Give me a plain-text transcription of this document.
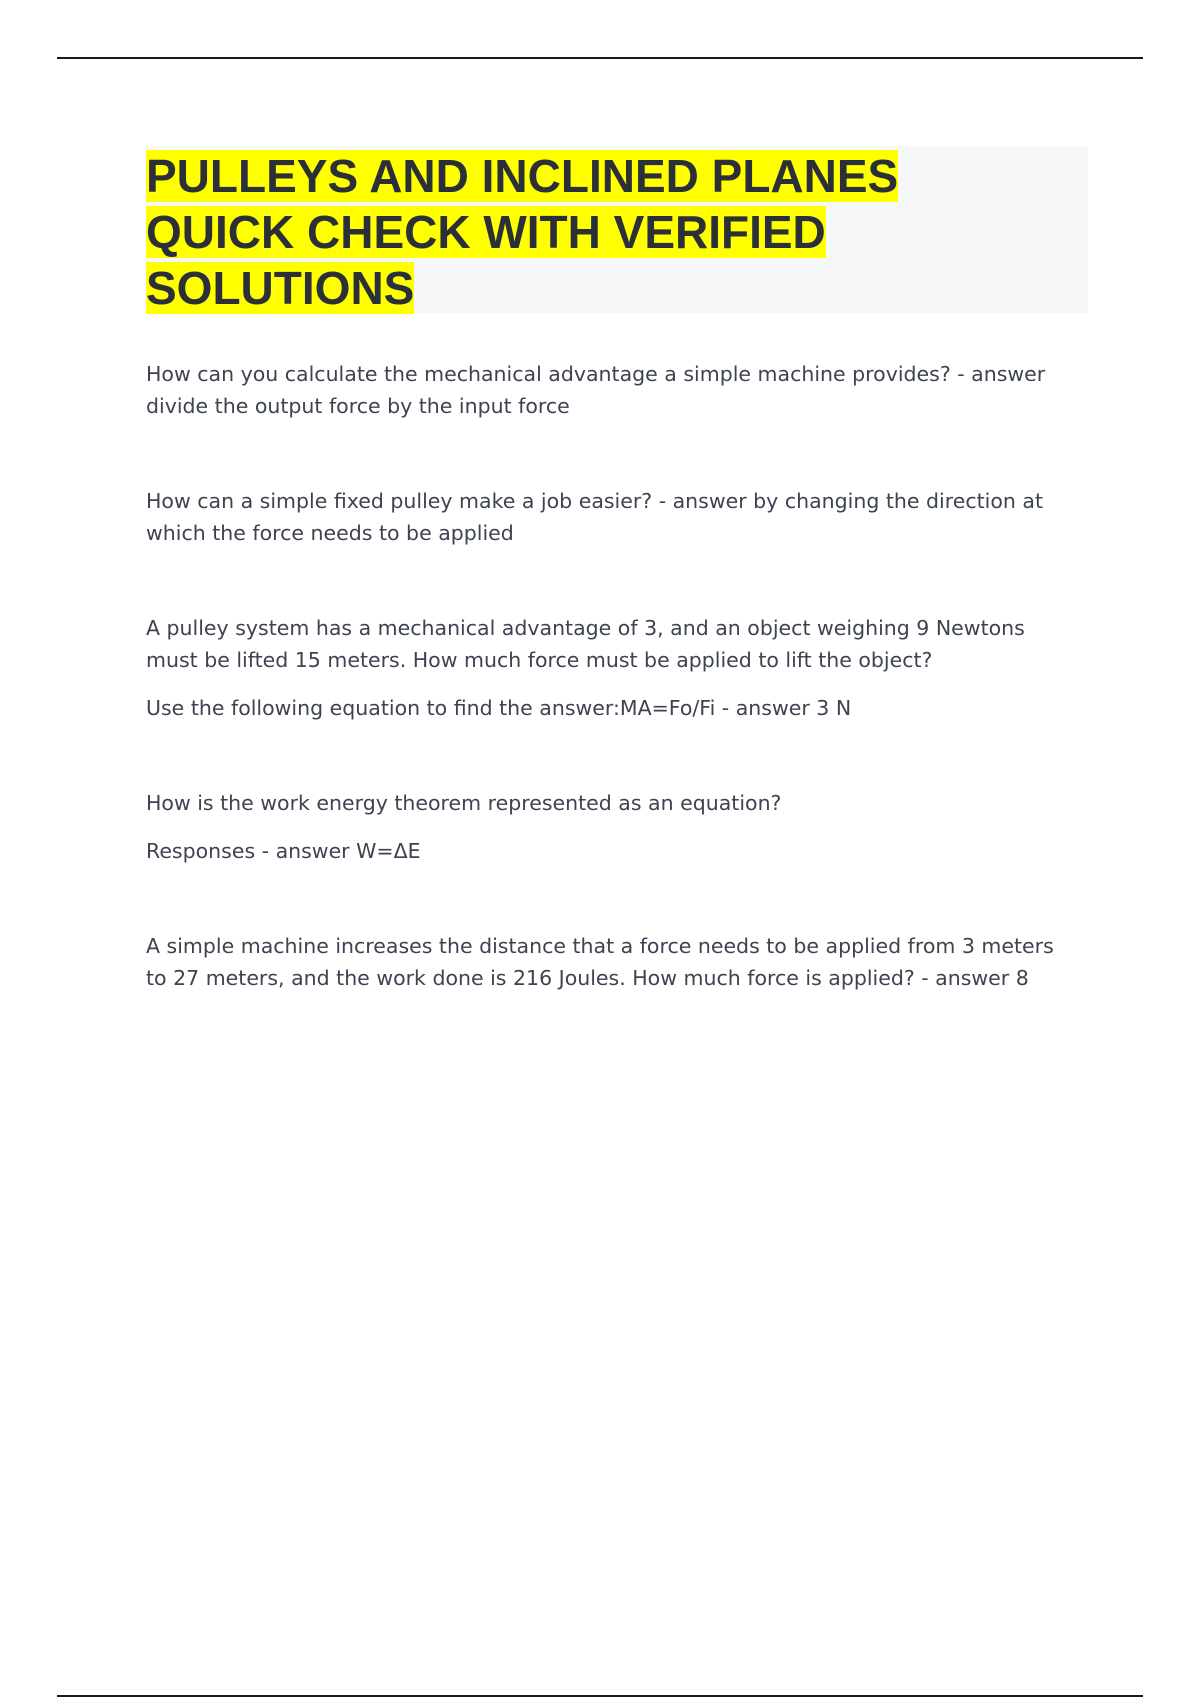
PULLEYS AND INCLINED PLANES QUICK CHECK WITH VERIFIED SOLUTIONS

How can you calculate the mechanical advantage a simple machine provides? - answer divide the output force by the input force

How can a simple fixed pulley make a job easier? - answer by changing the direction at which the force needs to be applied

A pulley system has a mechanical advantage of 3, and an object weighing 9 Newtons must be lifted 15 meters. How much force must be applied to lift the object?

Use the following equation to find the answer:MA=Fo/Fi - answer 3 N

How is the work energy theorem represented as an equation?

Responses - answer W=ΔE

A simple machine increases the distance that a force needs to be applied from 3 meters to 27 meters, and the work done is 216 Joules. How much force is applied? - answer 8
